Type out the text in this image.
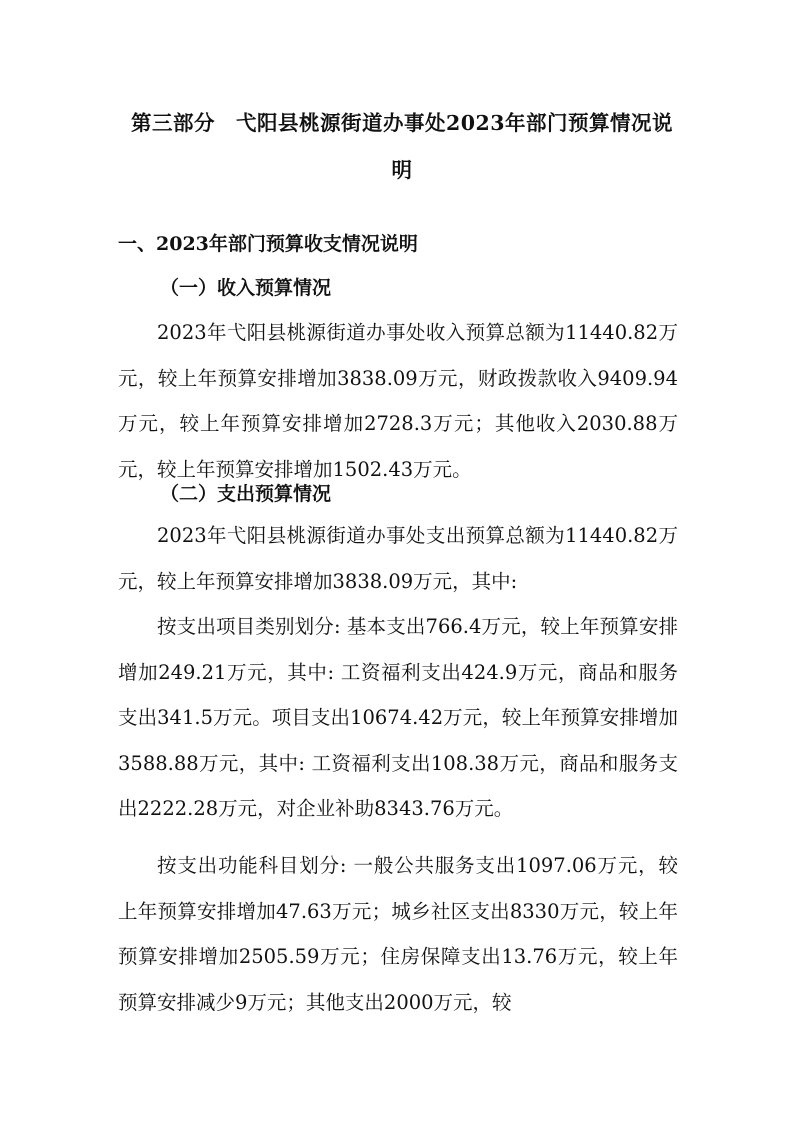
第三部分　弋阳县桃源街道办事处2023年部门预算情况说明
一、2023年部门预算收支情况说明
（一）收入预算情况

2023年弋阳县桃源街道办事处收入预算总额为11440.82万元，较上年预算安排增加3838.09万元，财政拨款收入9409.94万元，较上年预算安排增加2728.3万元；其他收入2030.88万元，较上年预算安排增加1502.43万元。

（二）支出预算情况

2023年弋阳县桃源街道办事处支出预算总额为11440.82万元，较上年预算安排增加3838.09万元，其中:

按支出项目类别划分: 基本支出766.4万元，较上年预算安排增加249.21万元，其中: 工资福利支出424.9万元，商品和服务支出341.5万元。项目支出10674.42万元，较上年预算安排增加3588.88万元，其中: 工资福利支出108.38万元，商品和服务支出2222.28万元，对企业补助8343.76万元。

按支出功能科目划分: 一般公共服务支出1097.06万元，较上年预算安排增加47.63万元；城乡社区支出8330万元，较上年预算安排增加2505.59万元；住房保障支出13.76万元，较上年预算安排减少9万元；其他支出2000万元，较
